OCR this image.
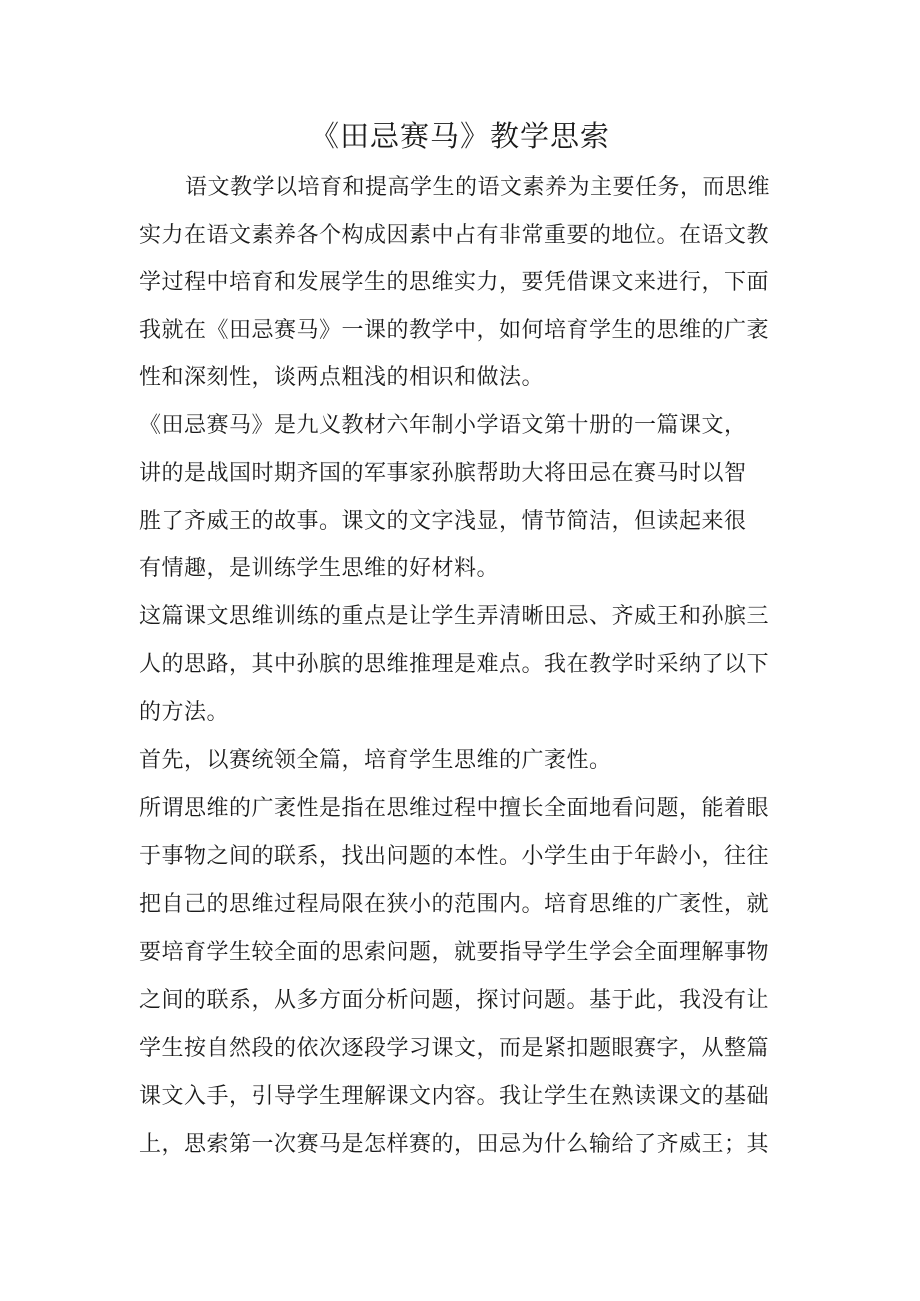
《田忌赛马》教学思索

语文教学以培育和提高学生的语文素养为主要任务，而思维

实力在语文素养各个构成因素中占有非常重要的地位。在语文教

学过程中培育和发展学生的思维实力，要凭借课文来进行，下面

我就在《田忌赛马》一课的教学中，如何培育学生的思维的广袤

性和深刻性，谈两点粗浅的相识和做法。

《田忌赛马》是九义教材六年制小学语文第十册的一篇课文，

讲的是战国时期齐国的军事家孙膑帮助大将田忌在赛马时以智

胜了齐威王的故事。课文的文字浅显，情节简洁，但读起来很

有情趣，是训练学生思维的好材料。

这篇课文思维训练的重点是让学生弄清晰田忌、齐威王和孙膑三

人的思路，其中孙膑的思维推理是难点。我在教学时采纳了以下

的方法。

首先，以赛统领全篇，培育学生思维的广袤性。

所谓思维的广袤性是指在思维过程中擅长全面地看问题，能着眼

于事物之间的联系，找出问题的本性。小学生由于年龄小，往往

把自己的思维过程局限在狭小的范围内。培育思维的广袤性，就

要培育学生较全面的思索问题，就要指导学生学会全面理解事物

之间的联系，从多方面分析问题，探讨问题。基于此，我没有让

学生按自然段的依次逐段学习课文，而是紧扣题眼赛字，从整篇

课文入手，引导学生理解课文内容。我让学生在熟读课文的基础

上，思索第一次赛马是怎样赛的，田忌为什么输给了齐威王；其
